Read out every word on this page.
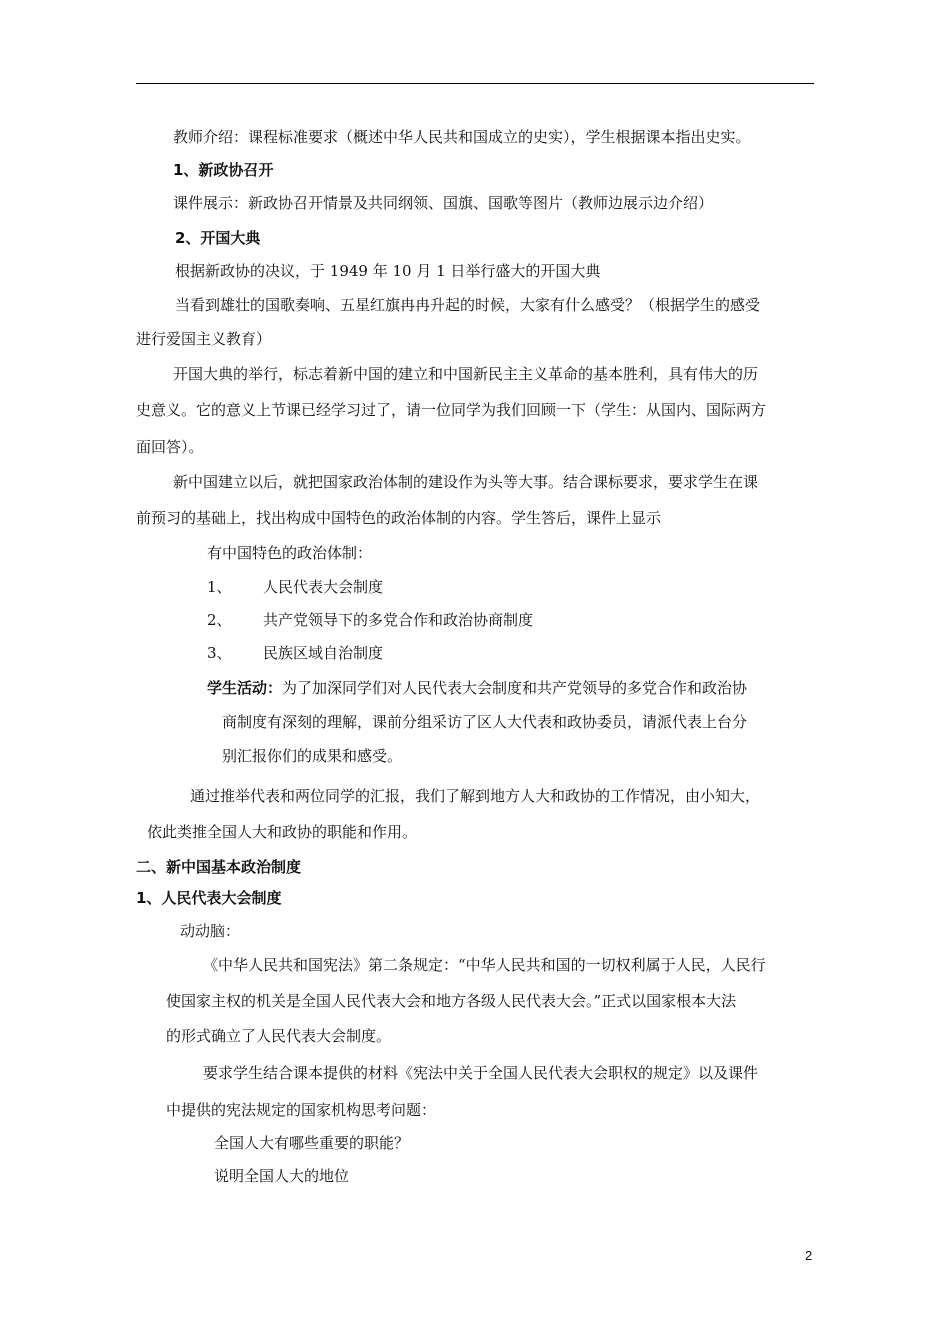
教师介绍：课程标准要求（概述中华人民共和国成立的史实），学生根据课本指出史实。
1、新政协召开
课件展示：新政协召开情景及共同纲领、国旗、国歌等图片（教师边展示边介绍）
2、开国大典
根据新政协的决议，于 1949 年 10 月 1 日举行盛大的开国大典
当看到雄壮的国歌奏响、五星红旗冉冉升起的时候，大家有什么感受？（根据学生的感受
进行爱国主义教育）
开国大典的举行，标志着新中国的建立和中国新民主主义革命的基本胜利，具有伟大的历
史意义。它的意义上节课已经学习过了，请一位同学为我们回顾一下（学生：从国内、国际两方
面回答）。
新中国建立以后，就把国家政治体制的建设作为头等大事。结合课标要求，要求学生在课
前预习的基础上，找出构成中国特色的政治体制的内容。学生答后，课件上显示
有中国特色的政治体制：
1、 人民代表大会制度
2、 共产党领导下的多党合作和政治协商制度
3、 民族区域自治制度
学生活动：为了加深同学们对人民代表大会制度和共产党领导的多党合作和政治协
商制度有深刻的理解，课前分组采访了区人大代表和政协委员，请派代表上台分
别汇报你们的成果和感受。
通过推举代表和两位同学的汇报，我们了解到地方人大和政协的工作情况，由小知大，
依此类推全国人大和政协的职能和作用。
二、新中国基本政治制度
1、人民代表大会制度
动动脑：
《中华人民共和国宪法》第二条规定：“中华人民共和国的一切权利属于人民，人民行
使国家主权的机关是全国人民代表大会和地方各级人民代表大会。”正式以国家根本大法
的形式确立了人民代表大会制度。
要求学生结合课本提供的材料《宪法中关于全国人民代表大会职权的规定》以及课件
中提供的宪法规定的国家机构思考问题：
全国人大有哪些重要的职能？
说明全国人大的地位
2
